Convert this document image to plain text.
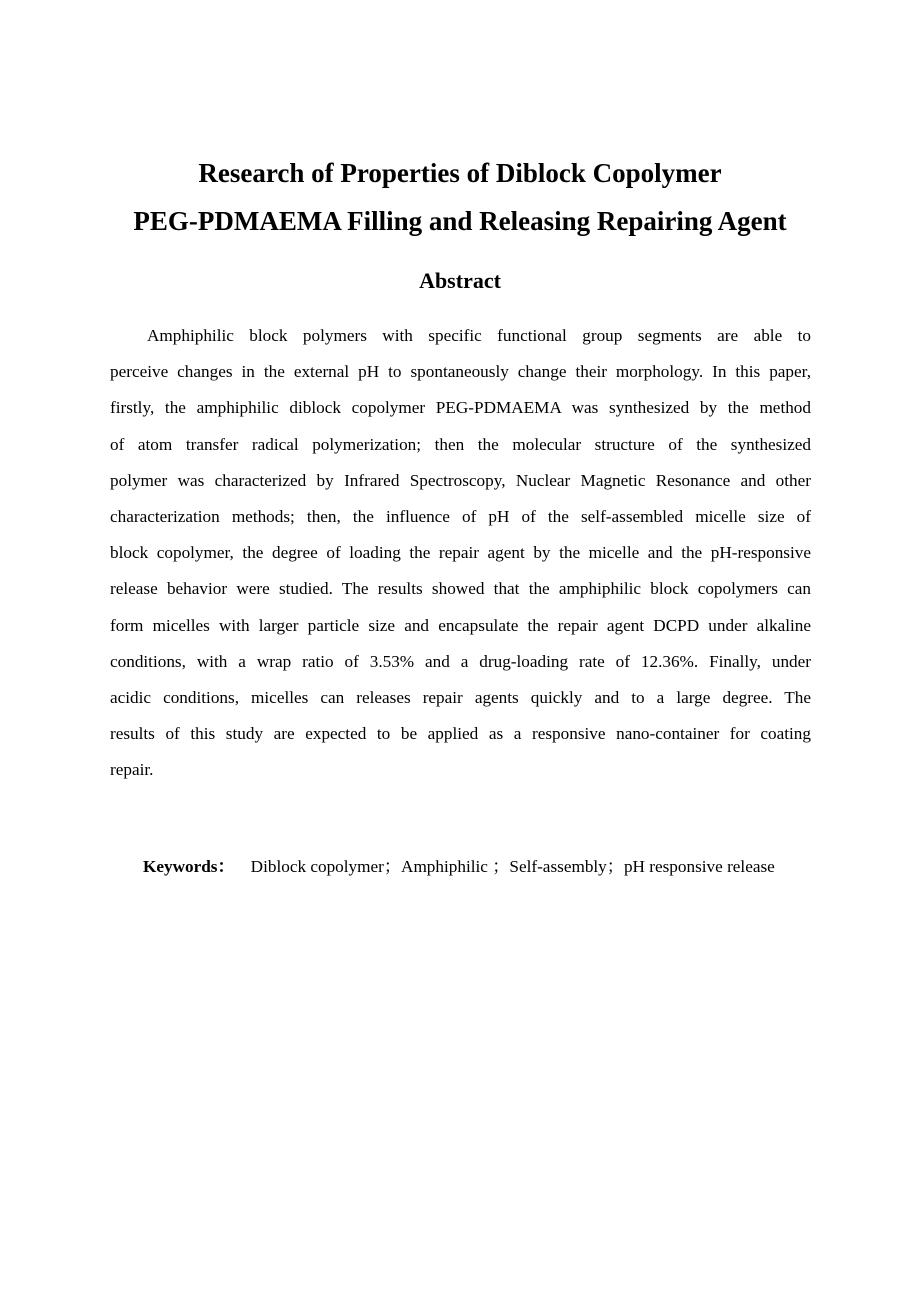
Research of Properties of Diblock Copolymer
PEG-PDMAEMA Filling and Releasing Repairing Agent
Abstract
Amphiphilic block polymers with specific functional group segments are able to
perceive changes in the external pH to spontaneously change their morphology. In this paper,
firstly, the amphiphilic diblock copolymer PEG-PDMAEMA was synthesized by the method
of atom transfer radical polymerization; then the molecular structure of the synthesized
polymer was characterized by Infrared Spectroscopy, Nuclear Magnetic Resonance and other
characterization methods; then, the influence of pH of the self-assembled micelle size of
block copolymer, the degree of loading the repair agent by the micelle and the pH-responsive
release behavior were studied. The results showed that the amphiphilic block copolymers can
form micelles with larger particle size and encapsulate the repair agent DCPD under alkaline
conditions, with a wrap ratio of 3.53% and a drug-loading rate of 12.36%. Finally, under
acidic conditions, micelles can releases repair agents quickly and to a large degree. The
results of this study are expected to be applied as a responsive nano-container for coating
repair.
Keywords： Diblock copolymer；Amphiphilic ；Self-assembly；pH responsive release
